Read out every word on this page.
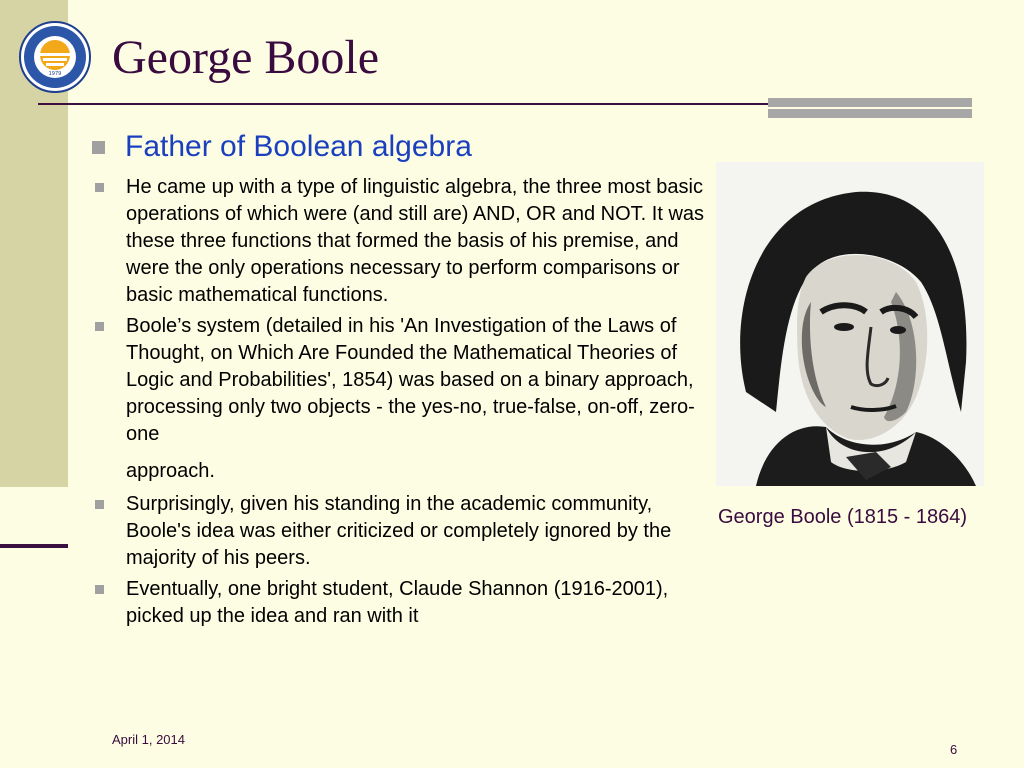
1979 George Boole
Father of Boolean algebra
He came up with a type of linguistic algebra, the three most basic operations of which were (and still are) AND, OR and NOT. It was these three functions that formed the basis of his premise, and were the only operations necessary to perform comparisons or basic mathematical functions.
Boole’s system (detailed in his 'An Investigation of the Laws of Thought, on Which Are Founded the Mathematical Theories of Logic and Probabilities', 1854) was based on a binary approach, processing only two objects - the yes-no, true-false, on-off, zero-one
approach.
Surprisingly, given his standing in the academic community, Boole's idea was either criticized or completely ignored by the majority of his peers.
Eventually, one bright student, Claude Shannon (1916-2001), picked up the idea and ran with it
George Boole (1815 - 1864)
April 1, 2014
6
